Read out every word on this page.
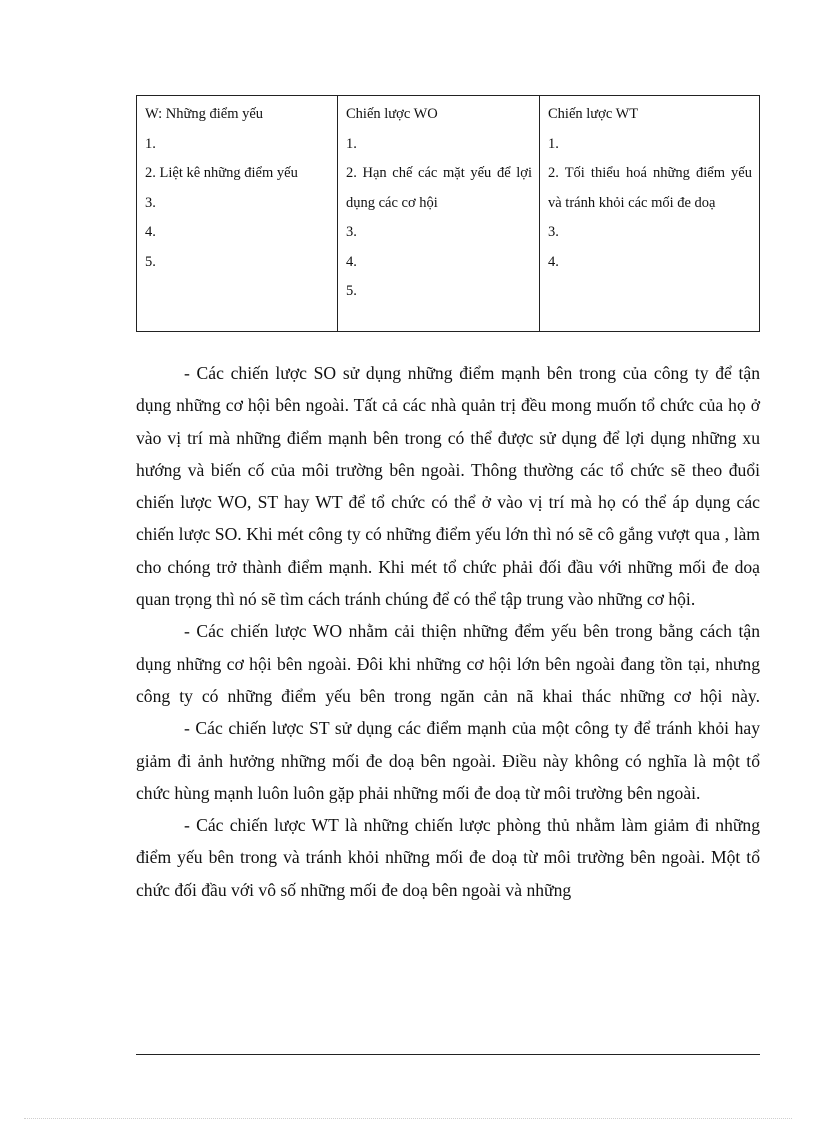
W: Những điểm yếu
1.
2. Liệt kê những điểm yếu
3.
4.
5.

Chiến lược WO
1.
2. Hạn chế các mặt yếu để lợi dụng các cơ hội
3.
4.
5.

Chiến lược WT
1.
2. Tối thiểu hoá những điểm yếu và tránh khỏi các mối đe doạ
3.
4.

- Các chiến lược SO sử dụng những điểm mạnh bên trong của công ty để tận dụng những cơ hội bên ngoài. Tất cả các nhà quản trị đều mong muốn tổ chức của họ ở vào vị trí mà những điểm mạnh bên trong có thể được sử dụng để lợi dụng những xu hướng và biến cố của môi trường bên ngoài. Thông thường các tổ chức sẽ theo đuổi chiến lược WO, ST hay WT để tổ chức có thể ở vào vị trí mà họ có thể áp dụng các chiến lược SO. Khi mét công ty có những điểm yếu lớn thì nó sẽ cô gắng vượt qua , làm cho chóng trở thành điểm mạnh. Khi mét tổ chức phải đối đầu với những mối đe doạ quan trọng thì nó sẽ tìm cách tránh chúng để có thể tập trung vào những cơ hội.

- Các chiến lược WO nhằm cải thiện những đểm yếu bên trong bằng cách tận dụng những cơ hội bên ngoài. Đôi khi những cơ hội lớn bên ngoài đang tồn tại, nhưng công ty có những điểm yếu bên trong ngăn cản nã khai thác những cơ hội này.

- Các chiến lược ST sử dụng các điểm mạnh của một công ty để tránh khỏi hay giảm đi ảnh hưởng những mối đe doạ bên ngoài. Điều này không có nghĩa là một tổ chức hùng mạnh luôn luôn gặp phải những mối đe doạ từ môi trường bên ngoài.

- Các chiến lược WT là những chiến lược phòng thủ nhằm làm giảm đi những điểm yếu bên trong và tránh khỏi những mối đe doạ từ môi trường bên ngoài. Một tổ chức đối đầu với vô số những mối đe doạ bên ngoài và những
